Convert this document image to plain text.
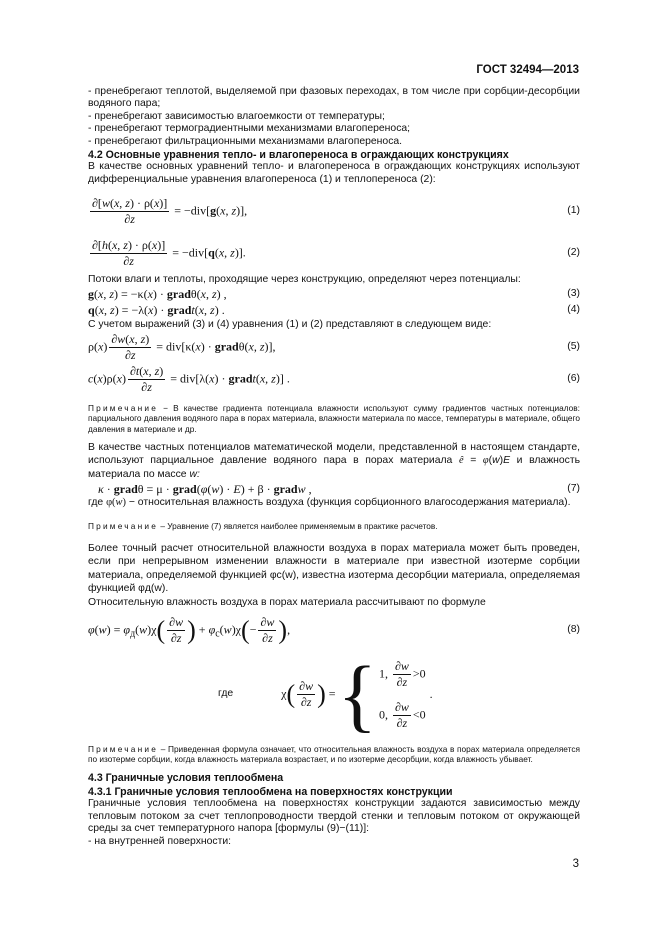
ГОСТ 32494—2013

- пренебрегают теплотой, выделяемой при фазовых переходах, в том числе при сорбции-десорбции водяного пара;

- пренебрегают зависимостью влагоемкости от температуры;

- пренебрегают термоградиентными механизмами влагопереноса;

- пренебрегают фильтрационными механизмами влагопереноса.

4.2 Основные уравнения тепло- и влагопереноса в ограждающих конструкциях

В качестве основных уравнений тепло- и влагопереноса в ограждающих конструкциях используют дифференциальные уравнения влагопереноса (1) и теплопереноса (2):

$\frac{\partial[w(x, z) \cdot \rho(x)]}{\partial z} = -div[g(x$, z)],	(1)
$\frac{\partial[h(x, z) \cdot \rho(x)]}{\partial z} = -div[q(x$, z)].	(2)

Потоки влаги и теплоты, проходящие через конструкцию, определяют через потенциалы:

g(x, z) = −κ(x) · gradθ(x, z) ,	(3)
q(x, z) = −λ(x) · gradt(x, z) .	(4)

С учетом выражений (3) и (4) уравнения (1) и (2) представляют в следующем виде:

$\rho(x) \frac{\partial w(x, z)}{\partial z} = div[\kappa(x)$ · gradθ(x, z)],	(5)
$c(x)\rho(x) \frac{\partial t(x, z)}{\partial z} = div[\lambda(x)$ · gradt(x, z)] .	(6)

Примечание − В качестве градиента потенциала влажности используют сумму градиентов частных потенциалов: парциального давления водяного пара в порах материала, влажности материала по массе, температуры в материале, общего давления в материале и др.

В качестве частных потенциалов математической модели, представленной в настоящем стандарте, используют парциальное давление водяного пара в порах материала ê = φ(w)E и влажность материала по массе w:

κ · gradθ = μ · grad(φ(w) · E) + β · gradw ,	(7)

где φ(w) − относительная влажность воздуха (функция сорбционного влагосодержания материала).

Примечание – Уравнение (7) является наиболее применяемым в практике расчетов.

Более точный расчет относительной влажности воздуха в порах материала может быть проведен, если при непрерывном изменении влажности в материале при известной изотерме сорбции материала, определяемой функцией φс(w), известна изотерма десорбции материала, определяемая функцией φд(w).

Относительную влажность воздуха в порах материала рассчитывают по формуле

$\varphi(w) = \varphi_д(w)\chi( \frac{\partial w}{\partial z}$ ) + $\varphi_с(w)\chi(- \frac{\partial w}{\partial z}$ ),	(8)
где	$\chi( \frac{\partial w}{\partial z}$ ) = { 1, $\frac{\partial w}{\partial z} >0$
0, $\frac{\partial w}{\partial z} <0$
.

Примечание – Приведенная формула означает, что относительная влажность воздуха в порах материала определяется по изотерме сорбции, когда влажность материала возрастает, и по изотерме десорбции, когда влажность убывает.

4.3 Граничные условия теплообмена
4.3.1 Граничные условия теплообмена на поверхностях конструкции

Граничные условия теплообмена на поверхностях конструкции задаются зависимостью между тепловым потоком за счет теплопроводности твердой стенки и тепловым потоком от окружающей среды за счет температурного напора [формулы (9)−(11)]:

- на внутренней поверхности:

3
